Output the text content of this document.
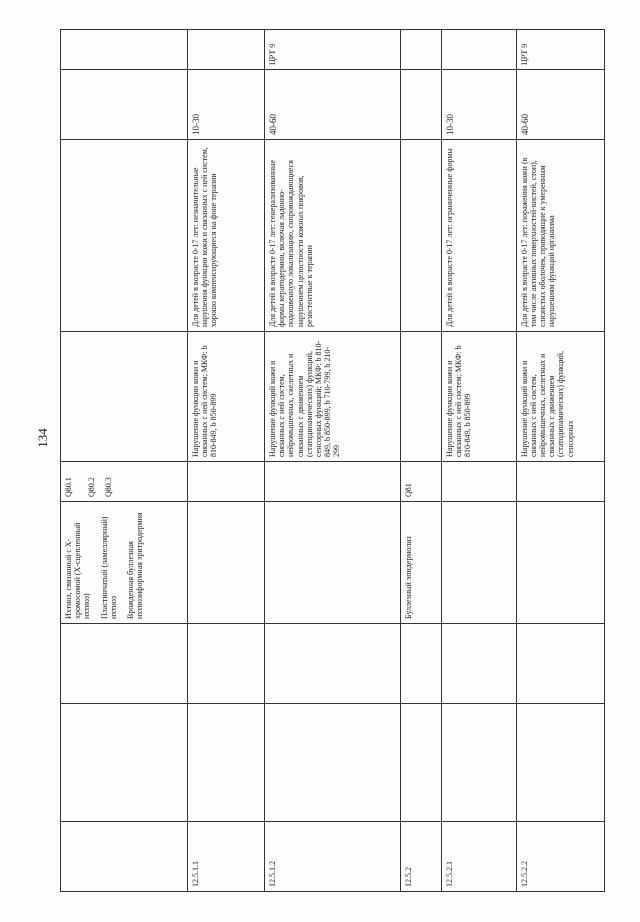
134

			Ихтиоз, связанный с Х-хромосомой (Х-сцепленный ихтиоз) Пластинчатый (ламеллярный) ихтиоз Врожденная буллезная ихтиозиформная эритродермия	Q80.1 Q80.2 Q80.3				

12.5.1.1					Нарушение функции кожи и связанных с ней систем; МКФ: b 810-849, b 850-899	Для детей в возрасте 0-17 лет: незначительные нарушения функции кожи и связанных с ней систем, хорошо компенсирующиеся на фоне терапии	10-30	
12.5.1.2					Нарушение функций кожи и связанных с ней систем, нейромышечных, скелетных и связанных с движением (статодинамических) функций, сенсорных функций; МКФ: b 810-849, b 850-899, b 710-799, b 210-299	Для детей в возрасте 0-17 лет: генерализованные формы кератодермии, включая ладонно-подошвенную локализацию, сопровождающиеся нарушением целостности кожных покровов, резистентные к терапии	40-60	ЦРТ 9
12.5.2			Буллезный эпидермолиз	Q81				
12.5.2.1					Нарушение функции кожи и связанных с ней систем; МКФ: b 810-849, b 850-899	Для детей в возрасте 0-17 лет: ограниченные формы	10-30	
12.5.2.2					Нарушение функций кожи и связанных с ней систем, нейромышечных, скелетных и связанных с движением (статодинамических) функций, сенсорных	Для детей в возрасте 0-17 лет: поражения кожи (в том числе активных поверхностей-кистей, стоп), слизистых оболочек, приводящие к умеренным нарушениям функций организма	40-60	ЦРТ 9
